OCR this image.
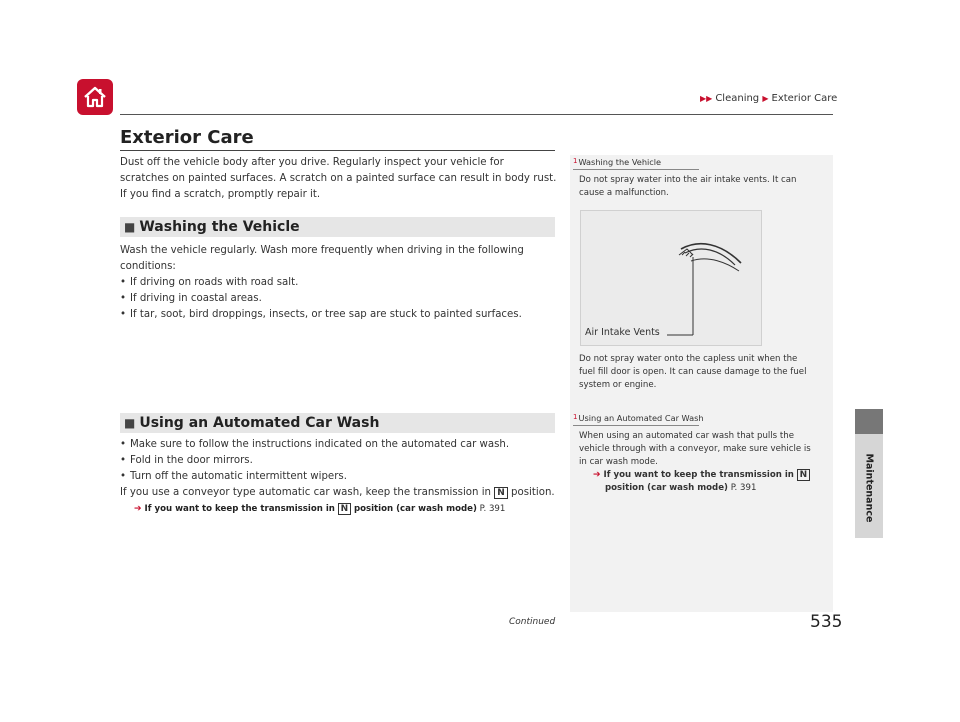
▶▶ Cleaning ▶ Exterior Care
Exterior Care

Dust off the vehicle body after you drive. Regularly inspect your vehicle for

scratches on painted surfaces. A scratch on a painted surface can result in body rust.

If you find a scratch, promptly repair it.

■ Washing the Vehicle

Wash the vehicle regularly. Wash more frequently when driving in the following

conditions:

• If driving on roads with road salt.
• If driving in coastal areas.
• If tar, soot, bird droppings, insects, or tree sap are stuck to painted surfaces.
■ Using an Automated Car Wash
• Make sure to follow the instructions indicated on the automated car wash.
• Fold in the door mirrors.
• Turn off the automatic intermittent wipers.

If you use a conveyor type automatic car wash, keep the transmission in N position.

➔ If you want to keep the transmission in N position (car wash mode) P. 391
1Washing the Vehicle
Do not spray water into the air intake vents. It can
cause a malfunction.
Air Intake Vents
Do not spray water onto the capless unit when the
fuel fill door is open. It can cause damage to the fuel
system or engine.
1Using an Automated Car Wash
When using an automated car wash that pulls the
vehicle through with a conveyor, make sure vehicle is
in car wash mode.
➔ If you want to keep the transmission in N
position (car wash mode) P. 391	Maintenance
Continued	535
